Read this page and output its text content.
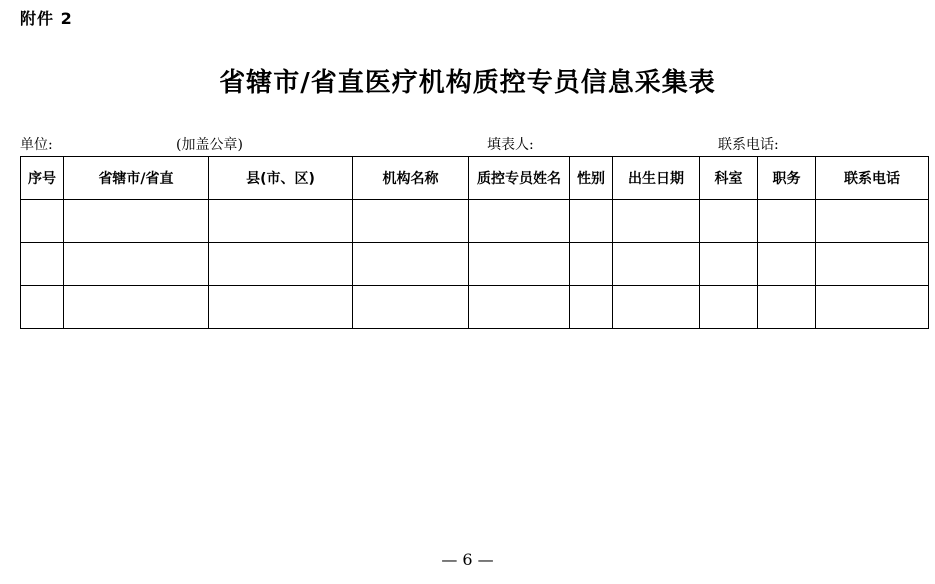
附件 2
省辖市/省直医疗机构质控专员信息采集表
单位:	(加盖公章)	填表人:	联系电话:
序号	省辖市/省直	县(市、区)	机构名称	质控专员姓名	性别	出生日期	科室	职务	联系电话

— 6 —
